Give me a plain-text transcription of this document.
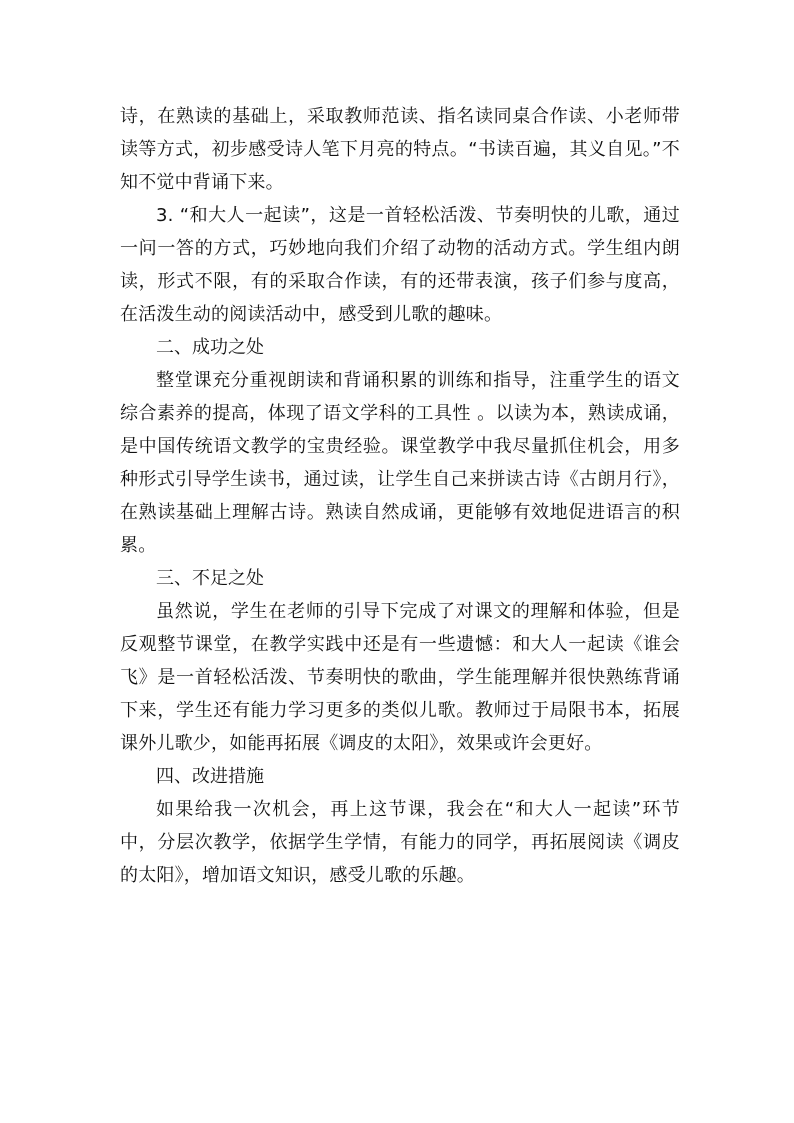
诗，在熟读的基础上，采取教师范读、指名读同桌合作读、小老师带读等方式，初步感受诗人笔下月亮的特点。“书读百遍，其义自见。”不知不觉中背诵下来。

3. “和大人一起读”，这是一首轻松活泼、节奏明快的儿歌，通过一问一答的方式，巧妙地向我们介绍了动物的活动方式。学生组内朗读，形式不限，有的采取合作读，有的还带表演，孩子们参与度高，在活泼生动的阅读活动中，感受到儿歌的趣味。

二、成功之处

整堂课充分重视朗读和背诵积累的训练和指导，注重学生的语文综合素养的提高，体现了语文学科的工具性 。以读为本，熟读成诵，是中国传统语文教学的宝贵经验。课堂教学中我尽量抓住机会，用多种形式引导学生读书，通过读，让学生自己来拼读古诗《古朗月行》，在熟读基础上理解古诗。熟读自然成诵，更能够有效地促进语言的积累。

三、不足之处

虽然说，学生在老师的引导下完成了对课文的理解和体验，但是反观整节课堂，在教学实践中还是有一些遗憾：和大人一起读《谁会飞》是一首轻松活泼、节奏明快的歌曲，学生能理解并很快熟练背诵下来，学生还有能力学习更多的类似儿歌。教师过于局限书本，拓展课外儿歌少，如能再拓展《调皮的太阳》，效果或许会更好。

四、改进措施

如果给我一次机会，再上这节课，我会在“和大人一起读”环节中，分层次教学，依据学生学情，有能力的同学，再拓展阅读《调皮的太阳》，增加语文知识，感受儿歌的乐趣。
